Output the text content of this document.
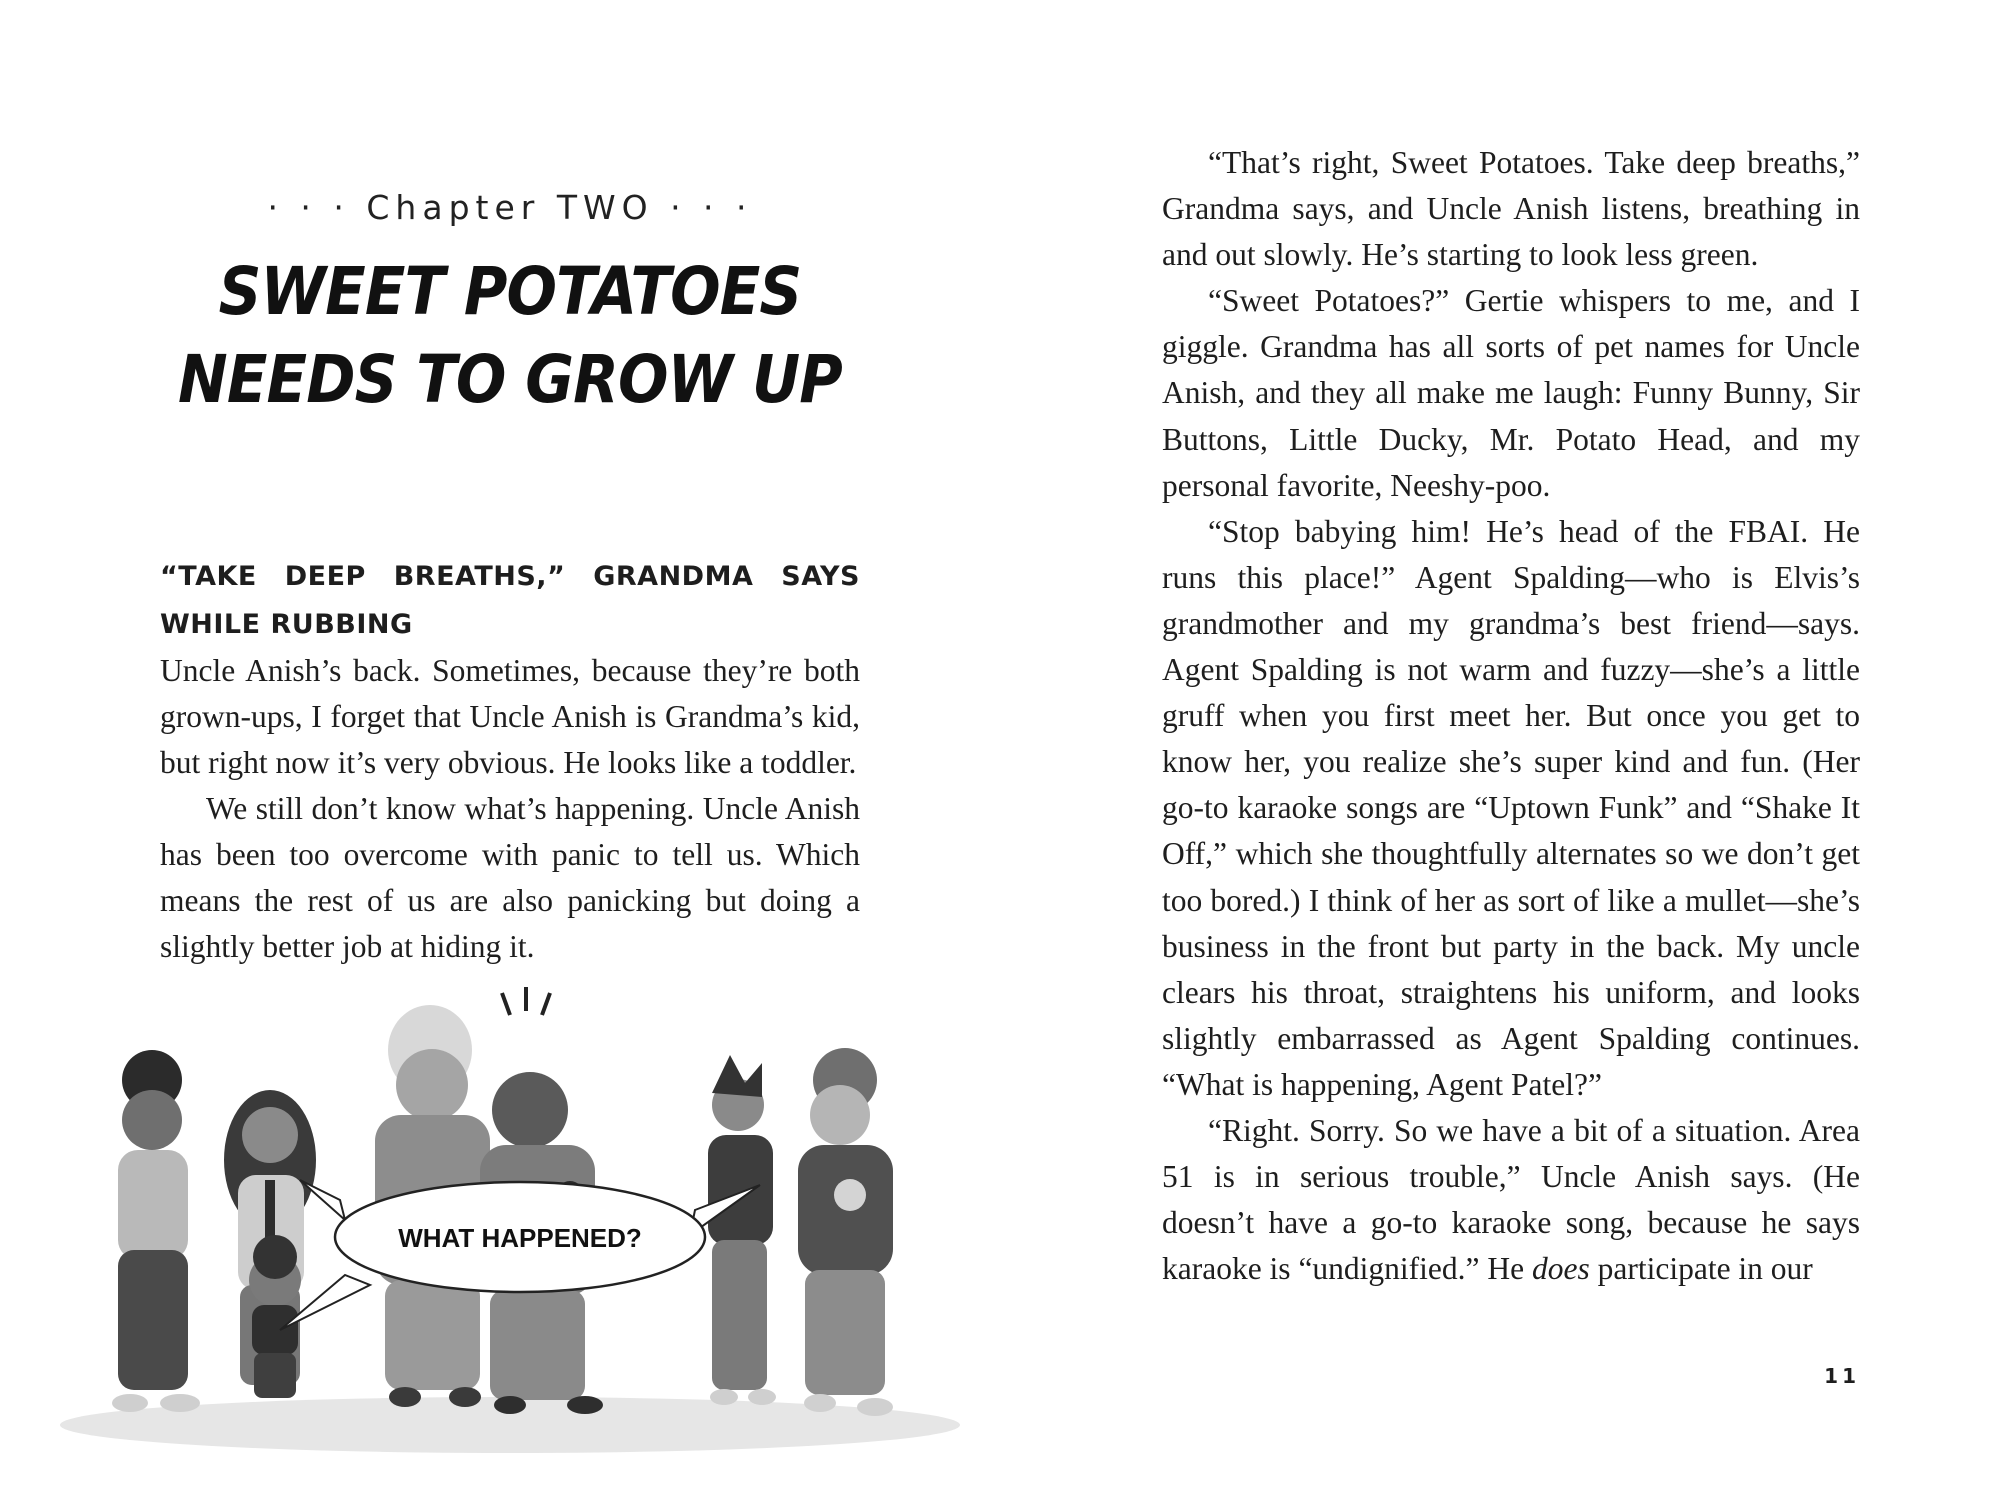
· · · Chapter TWO · · ·
SWEET POTATOES
NEEDS TO GROW UP

“TAKE DEEP BREATHS,” GRANDMA SAYS WHILE RUBBING
Uncle Anish’s back. Sometimes, because they’re both grown-ups, I forget that Uncle Anish is Grandma’s kid, but right now it’s very obvious. He looks like a toddler.

We still don’t know what’s happening. Uncle Anish has been too overcome with panic to tell us. Which means the rest of us are also panicking but doing a slightly better job at hiding it.

WHAT HAPPENED?

“That’s right, Sweet Potatoes. Take deep breaths,” Grandma says, and Uncle Anish listens, breathing in and out slowly. He’s starting to look less green.

“Sweet Potatoes?” Gertie whispers to me, and I giggle. Grandma has all sorts of pet names for Uncle Anish, and they all make me laugh: Funny Bunny, Sir Buttons, Little Ducky, Mr. Potato Head, and my personal favorite, Neeshy-poo.

“Stop babying him! He’s head of the FBAI. He runs this place!” Agent Spalding—who is Elvis’s grandmother and my grandma’s best friend—says. Agent Spalding is not warm and fuzzy—she’s a little gruff when you first meet her. But once you get to know her, you realize she’s super kind and fun. (Her go-to karaoke songs are “Uptown Funk” and “Shake It Off,” which she thoughtfully alternates so we don’t get too bored.) I think of her as sort of like a mullet—she’s business in the front but party in the back. My uncle clears his throat, straightens his uniform, and looks slightly embarrassed as Agent Spalding continues. “What is happening, Agent Patel?”

“Right. Sorry. So we have a bit of a situation. Area 51 is in serious trouble,” Uncle Anish says. (He doesn’t have a go-to karaoke song, because he says karaoke is “undignified.” He does participate in our

11
